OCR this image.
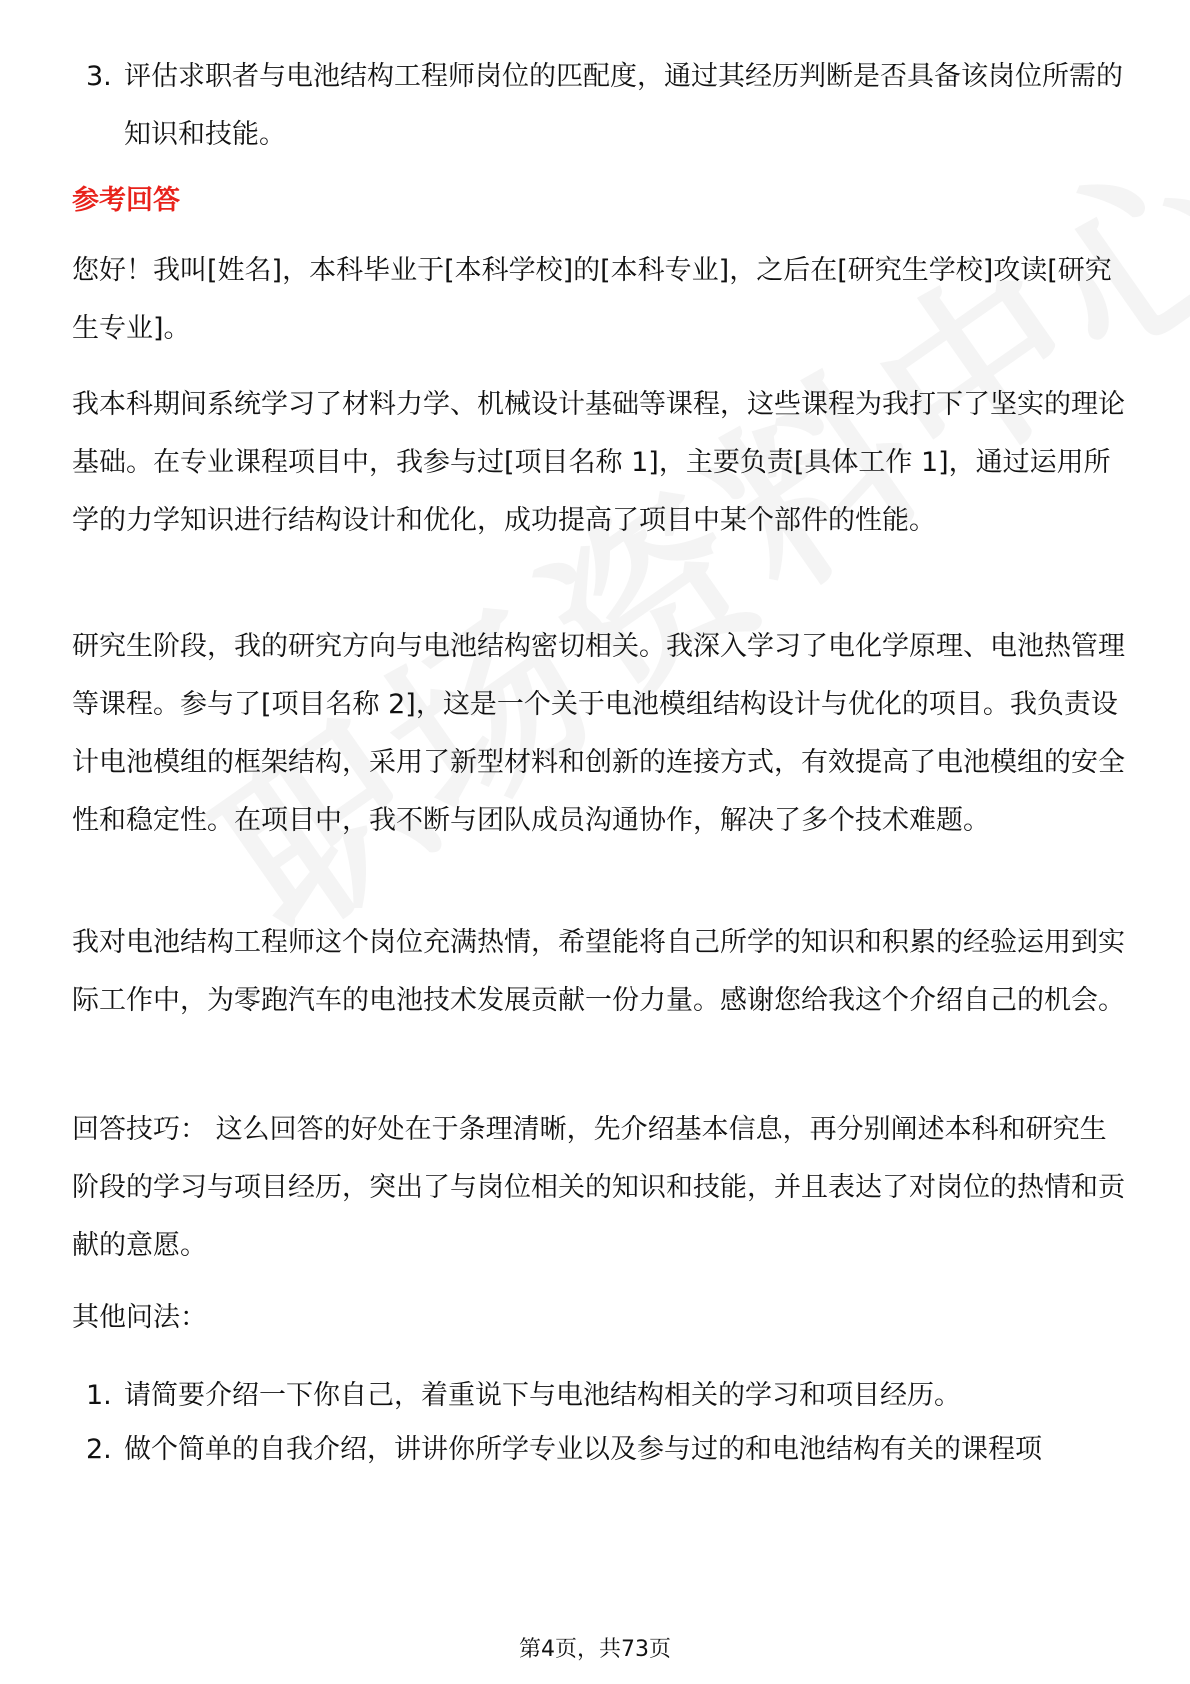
3. 评估求职者与电池结构工程师岗位的匹配度，通过其经历判断是否具备该岗位所需的知识和技能。
参考回答

您好！我叫[姓名]，本科毕业于[本科学校]的[本科专业]，之后在[研究生学校]攻读[研究生专业]。

我本科期间系统学习了材料力学、机械设计基础等课程，这些课程为我打下了坚实的理论基础。在专业课程项目中，我参与过[项目名称 1]，主要负责[具体工作 1]，通过运用所学的力学知识进行结构设计和优化，成功提高了项目中某个部件的性能。

研究生阶段，我的研究方向与电池结构密切相关。我深入学习了电化学原理、电池热管理等课程。参与了[项目名称 2]，这是一个关于电池模组结构设计与优化的项目。我负责设计电池模组的框架结构，采用了新型材料和创新的连接方式，有效提高了电池模组的安全性和稳定性。在项目中，我不断与团队成员沟通协作，解决了多个技术难题。

我对电池结构工程师这个岗位充满热情，希望能将自己所学的知识和积累的经验运用到实际工作中，为零跑汽车的电池技术发展贡献一份力量。感谢您给我这个介绍自己的机会。

回答技巧： 这么回答的好处在于条理清晰，先介绍基本信息，再分别阐述本科和研究生阶段的学习与项目经历，突出了与岗位相关的知识和技能，并且表达了对岗位的热情和贡献的意愿。

其他问法：

1. 请简要介绍一下你自己，着重说下与电池结构相关的学习和项目经历。
2. 做个简单的自我介绍，讲讲你所学专业以及参与过的和电池结构有关的课程项
第4页，共73页
